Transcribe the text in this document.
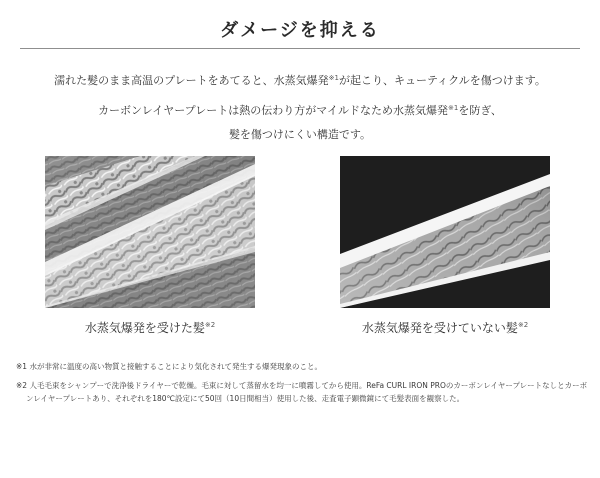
ダメージを抑える
濡れた髪のまま高温のプレートをあてると、水蒸気爆発$^{※1}$が起こり、キューティクルを傷つけます。
カーボンレイヤープレートは熱の伝わり方がマイルドなため水蒸気爆発$^{※1}$を防ぎ、
髪を傷つけにくい構造です。
水蒸気爆発を受けた髪$^{※2}$	水蒸気爆発を受けていない髪$^{※2}$
※1 水が非常に温度の高い物質と接触することにより気化されて発生する爆発現象のこと。
※2 人毛毛束をシャンプーで洗浄後ドライヤーで乾燥。毛束に対して蒸留水を均一に噴霧してから使用。ReFa CURL IRON PROのカーボンレイヤープレートなしとカーボンレイヤープレートあり、それぞれを180℃設定にて50回（10日間相当）使用した後、走査電子顕微鏡にて毛髪表面を観察した。
